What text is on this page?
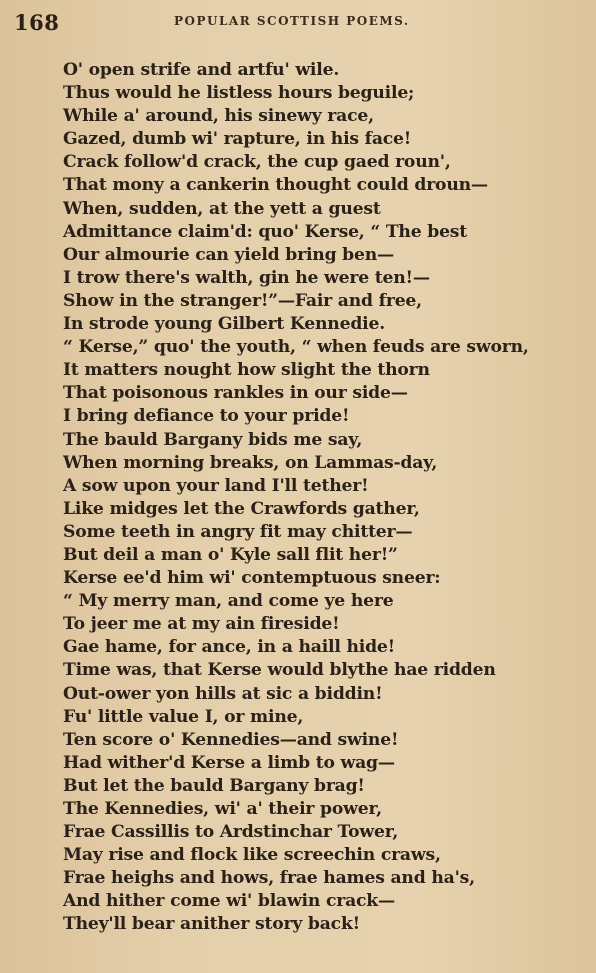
168	POPULAR SCOTTISH POEMS.
O' open strife and artfu' wile.
Thus would he listless hours beguile;
While a' around, his sinewy race,
Gazed, dumb wi' rapture, in his face!
Crack follow'd crack, the cup gaed roun',
That mony a cankerin thought could droun—
When, sudden, at the yett a guest
Admittance claim'd: quo' Kerse, “ The best
Our almourie can yield bring ben—
I trow there's walth, gin he were ten!—
Show in the stranger!”—Fair and free,
In strode young Gilbert Kennedie.
“ Kerse,” quo' the youth, “ when feuds are sworn,
It matters nought how slight the thorn
That poisonous rankles in our side—
I bring defiance to your pride!
The bauld Bargany bids me say,
When morning breaks, on Lammas-day,
A sow upon your land I'll tether!
Like midges let the Crawfords gather,
Some teeth in angry fit may chitter—
But deil a man o' Kyle sall flit her!”
Kerse ee'd him wi' contemptuous sneer:
“ My merry man, and come ye here
To jeer me at my ain fireside!
Gae hame, for ance, in a haill hide!
Time was, that Kerse would blythe hae ridden
Out-ower yon hills at sic a biddin!
Fu' little value I, or mine,
Ten score o' Kennedies—and swine!
Had wither'd Kerse a limb to wag—
But let the bauld Bargany brag!
The Kennedies, wi' a' their power,
Frae Cassillis to Ardstinchar Tower,
May rise and flock like screechin craws,
Frae heighs and hows, frae hames and ha's,
And hither come wi' blawin crack—
They'll bear anither story back!
